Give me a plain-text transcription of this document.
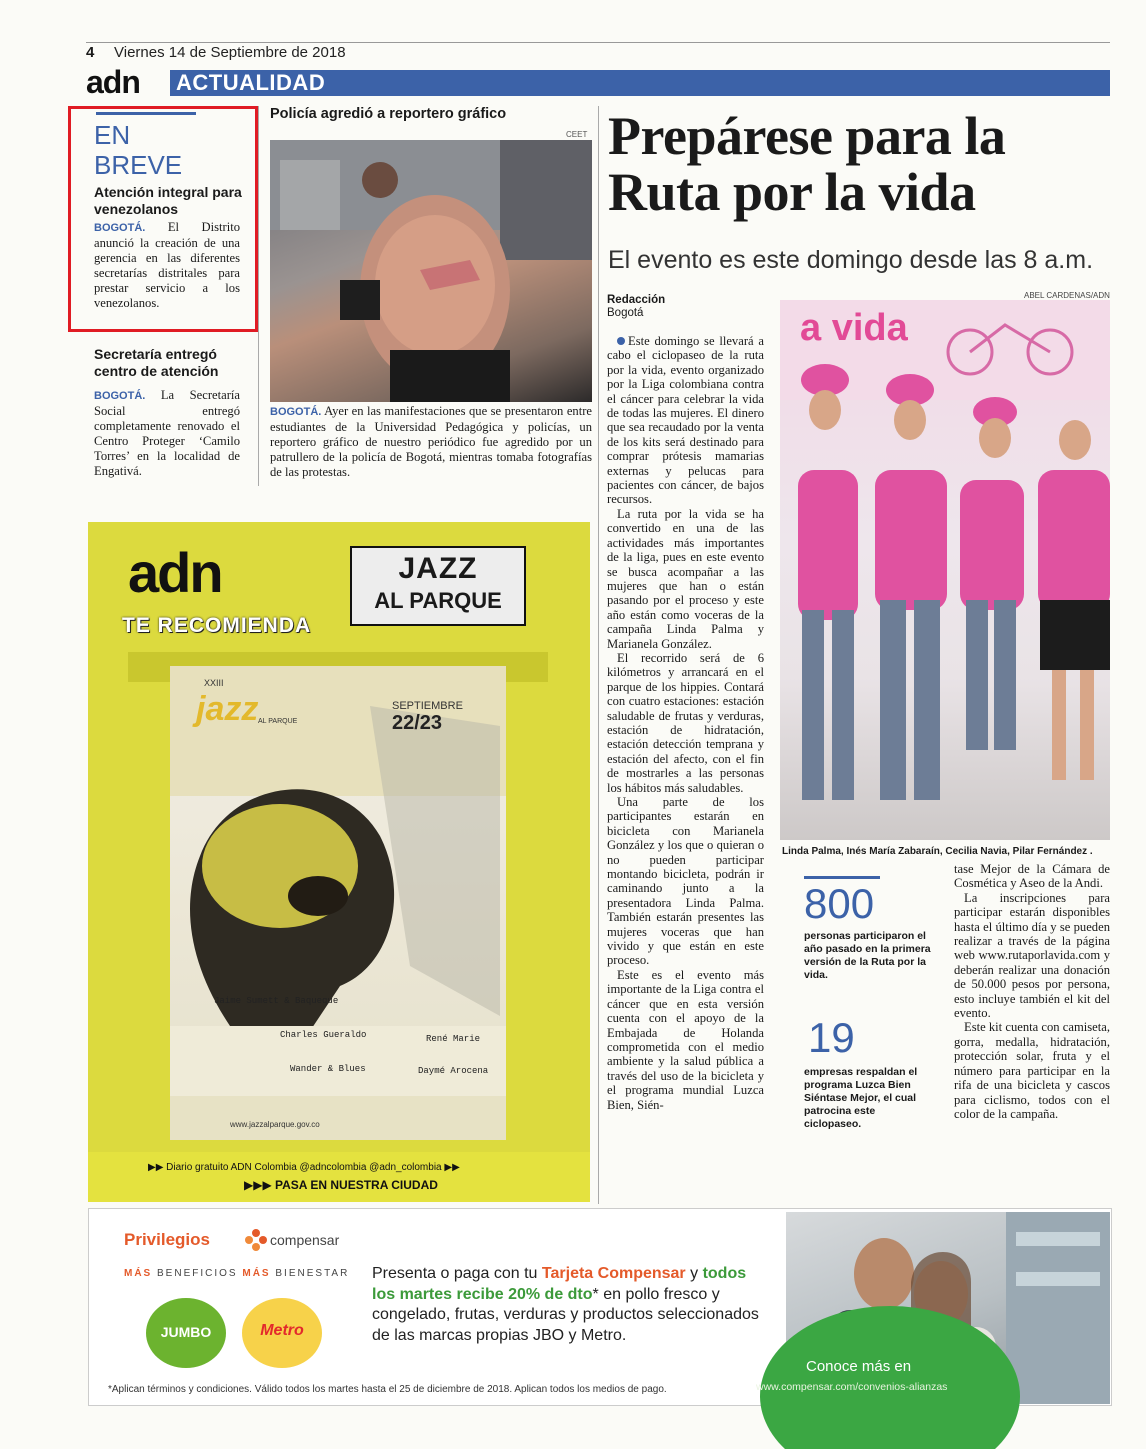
4 Viernes 14 de Septiembre de 2018
adn ACTUALIDAD
EN
BREVE
Atención integral para venezolanos
BOGOTÁ. El Distrito anunció la creación de una gerencia en las diferentes secretarías distritales para prestar servicio a los venezolanos.
Secretaría entregó centro de atención
BOGOTÁ. La Secretaría Social entregó completamente renovado el Centro Proteger ‘Camilo Torres’ en la localidad de Engativá.
Policía agredió a reportero gráfico
CEET
BOGOTÁ. Ayer en las manifestaciones que se presentaron entre estudiantes de la Universidad Pedagógica y policías, un reportero gráfico de nuestro periódico fue agredido por un patrullero de la policía de Bogotá, mientras tomaba fotografías de las protestas.
Prepárese para la
Ruta por la vida
El evento es este domingo desde las 8 a.m.
Redacción
Bogotá
ABEL CARDENAS/ADN

Este domingo se llevará a cabo el ciclopaseo de la ruta por la vida, evento organizado por la Liga colombiana contra el cáncer para celebrar la vida de todas las mujeres. El dinero que sea recaudado por la venta de los kits será destinado para comprar prótesis mamarias externas y pelucas para pacientes con cáncer, de bajos recursos.

La ruta por la vida se ha convertido en una de las actividades más importantes de la liga, pues en este evento se busca acompañar a las mujeres que han o están pasando por el proceso y este año están como voceras de la campaña Linda Palma y Marianela González.

El recorrido será de 6 kilómetros y arrancará en el parque de los hippies. Contará con cuatro estaciones: estación saludable de frutas y verduras, estación de hidratación, estación detección temprana y estación del afecto, con el fin de mostrarles a las personas los hábitos más saludables.

Una parte de los participantes estarán en bicicleta con Marianela González y los que o quieran o no pueden participar montando bicicleta, podrán ir caminando junto a la presentadora Linda Palma. También estarán presentes las mujeres voceras que han vivido y que están en este proceso.

Este es el evento más importante de la Liga contra el cáncer que en esta versión cuenta con el apoyo de la Embajada de Holanda comprometida con el medio ambiente y la salud pública a través del uso de la bicicleta y el programa mundial Luzca Bien, Sién-

a vida
Linda Palma, Inés María Zabaraín, Cecilia Navia, Pilar Fernández .
800
personas participaron el año pasado en la primera versión de la Ruta por la vida.
19
empresas respaldan el programa Luzca Bien Siéntase Mejor, el cual patrocina este ciclopaseo.

tase Mejor de la Cámara de Cosmética y Aseo de la Andi.

La inscripciones para participar estarán disponibles hasta el último día y se pueden realizar a través de la página web www.rutaporlavida.com y deberán realizar una donación de 50.000 pesos por persona, esto incluye también el kit del evento.

Este kit cuenta con camiseta, gorra, medalla, hidratación, protección solar, fruta y el número para participar en la rifa de una bicicleta y cascos para ciclismo, todos con el color de la campaña.

adn
TE RECOMIENDA
JAZZ
AL PARQUE
jazz
XXIII
AL PARQUE
SEPTIEMBRE
22/23
Jaime Sumett & Baqueque
Charles Gueraldo	René Marie
Wander & Blues	Daymé Arocena
www.jazzalparque.gov.co
▶▶ Diario gratuito ADN Colombia @adncolombia @adn_colombia ▶▶
▶▶▶ PASA EN NUESTRA CIUDAD
Privilegios	compensar
MÁS BENEFICIOS MÁS BIENESTAR
JUMBO	Metro
Presenta o paga con tu Tarjeta Compensar y todos los martes recibe 20% de dto* en pollo fresco y congelado, frutas, verduras y productos seleccionados de las marcas propias JBO y Metro.
Conoce más en
www.compensar.com/convenios-alianzas
*Aplican términos y condiciones. Válido todos los martes hasta el 25 de diciembre de 2018. Aplican todos los medios de pago.
